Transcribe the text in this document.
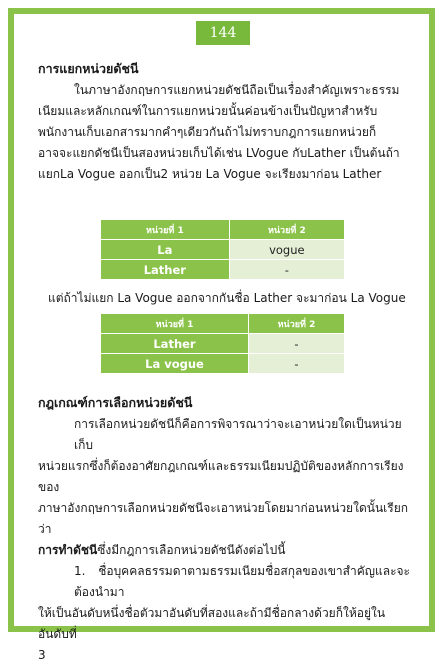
144
การแยกหน่วยดัชนี
ในภาษาอังกฤษการแยกหน่วยดัชนีถือเป็นเรื่องสำคัญเพราะธรรม
เนียมและหลักเกณฑ์ในการแยกหน่วยนั้นค่อนข้างเป็นปัญหาสำหรับ
พนักงานเก็บเอกสารมากคำๆเดียวกันถ้าไม่ทราบกฎการแยกหน่วยก็
อาจจะแยกดัชนีเป็นสองหน่วยเก็บได้เช่น LVogue กับLather เป็นต้นถ้า
แยกLa Vogue ออกเป็น2 หน่วย La Vogue จะเรียงมาก่อน Lather
หน่วยที่ 1	หน่วยที่ 2
La	vogue
Lather	-
แต่ถ้าไม่แยก La Vogue ออกจากกันชื่อ Lather จะมาก่อน La Vogue
หน่วยที่ 1	หน่วยที่ 2
Lather	-
La vogue	-
กฎเกณฑ์การเลือกหน่วยดัชนี
การเลือกหน่วยดัชนีก็คือการพิจารณาว่าจะเอาหน่วยใดเป็นหน่วยเก็บ
หน่วยแรกซึ่งก็ต้องอาศัยกฎเกณฑ์และธรรมเนียมปฏิบัติของหลักการเรียงของ
ภาษาอังกฤษการเลือกหน่วยดัชนีจะเอาหน่วยโดยมาก่อนหน่วยใดนั้นเรียกว่า
การทำดัชนีซึ่งมีกฎการเลือกหน่วยดัชนีดังต่อไปนี้
1. ชื่อบุคคลธรรมดาตามธรรมเนียมชื่อสกุลของเขาสำคัญและจะต้องนำมา
ให้เป็นอันดับหนึ่งชื่อตัวมาอันดับที่สองและถ้ามีชื่อกลางด้วยก็ให้อยู่ในอันดับที่
3
